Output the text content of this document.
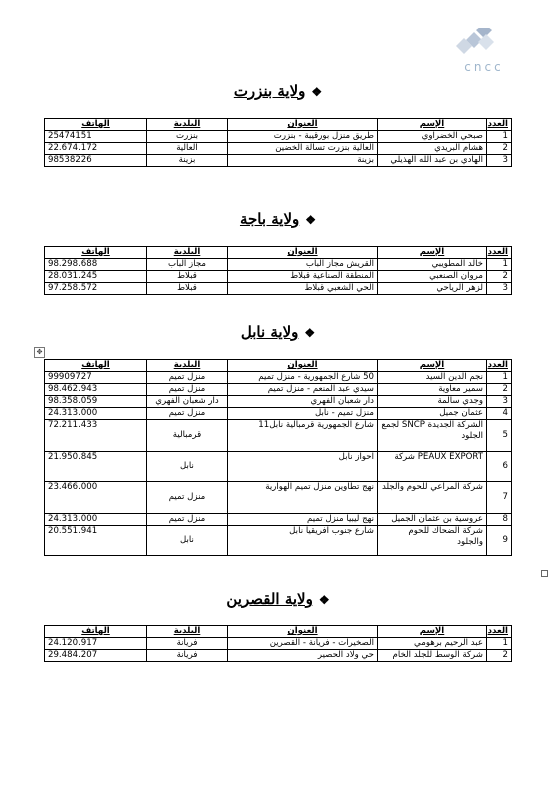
cncc
ولاية بنزرت ❖
العدد	الإسم	العنوان	البلدية	الهاتف
1	صبحي الخضراوي	طريق منزل بورقيبة - بنزرت	بنزرت	25474151
2	هشام البريدي	العالية بنزرت تسالة الخضين	العالية	22.674.172
3	الهادي بن عبد الله الهذيلي	بزينة	بزينة	98538226
ولاية باجة ❖
العدد	الإسم	العنوان	البلدية	الهاتف
1	خالد المطويبي	القريش مجاز الباب	مجاز الباب	98.298.688
2	مروان الصنعبي	المنطقة الصناعية قبلاط	قبلاط	28.031.245
3	لزهر الرياحي	الحي الشعبي قبلاط	قبلاط	97.258.572
ولاية نابل ❖
✥
العدد	الإسم	العنوان	البلدية	الهاتف
1	نجم الدين السيد	50 شارع الجمهورية - منزل تميم	منزل تميم	99909727
2	سمير معاوية	سيدي عبد المنعم - منزل تميم	منزل تميم	98.462.943
3	وجدي سالمة	دار شعبان الفهري	دار شعبان الفهري	98.358.059
4	عثمان جميل	منزل تميم - نابل	منزل تميم	24.313.000
5	الشركة الجديدة SNCP لجمع الجلود	شارع الجمهورية قرمبالية نابل11	قرمبالية	72.211.433
6	PEAUX EXPORT شركة	احواز نابل	نابل	21.950.845
7	شركة المراعي للحوم والجلد	نهج تطاوين منزل تميم الهوارية	منزل تميم	23.466.000
8	عروسية بن عثمان الجميل	نهج ليبيا منزل تميم	منزل تميم	24.313.000
9	شركة الضحاك للحوم والجلود	شارع جنوب افريقيا نابل	نابل	20.551.941
ولاية القصرين ❖
العدد	الإسم	العنوان	البلدية	الهاتف
1	عبد الرحيم برهومي	الصخيرات - فريانة - القصرين	فريانة	24.120.917
2	شركة الوسط للجلد الخام	حي ولاد الحصير	فريانة	29.484.207
